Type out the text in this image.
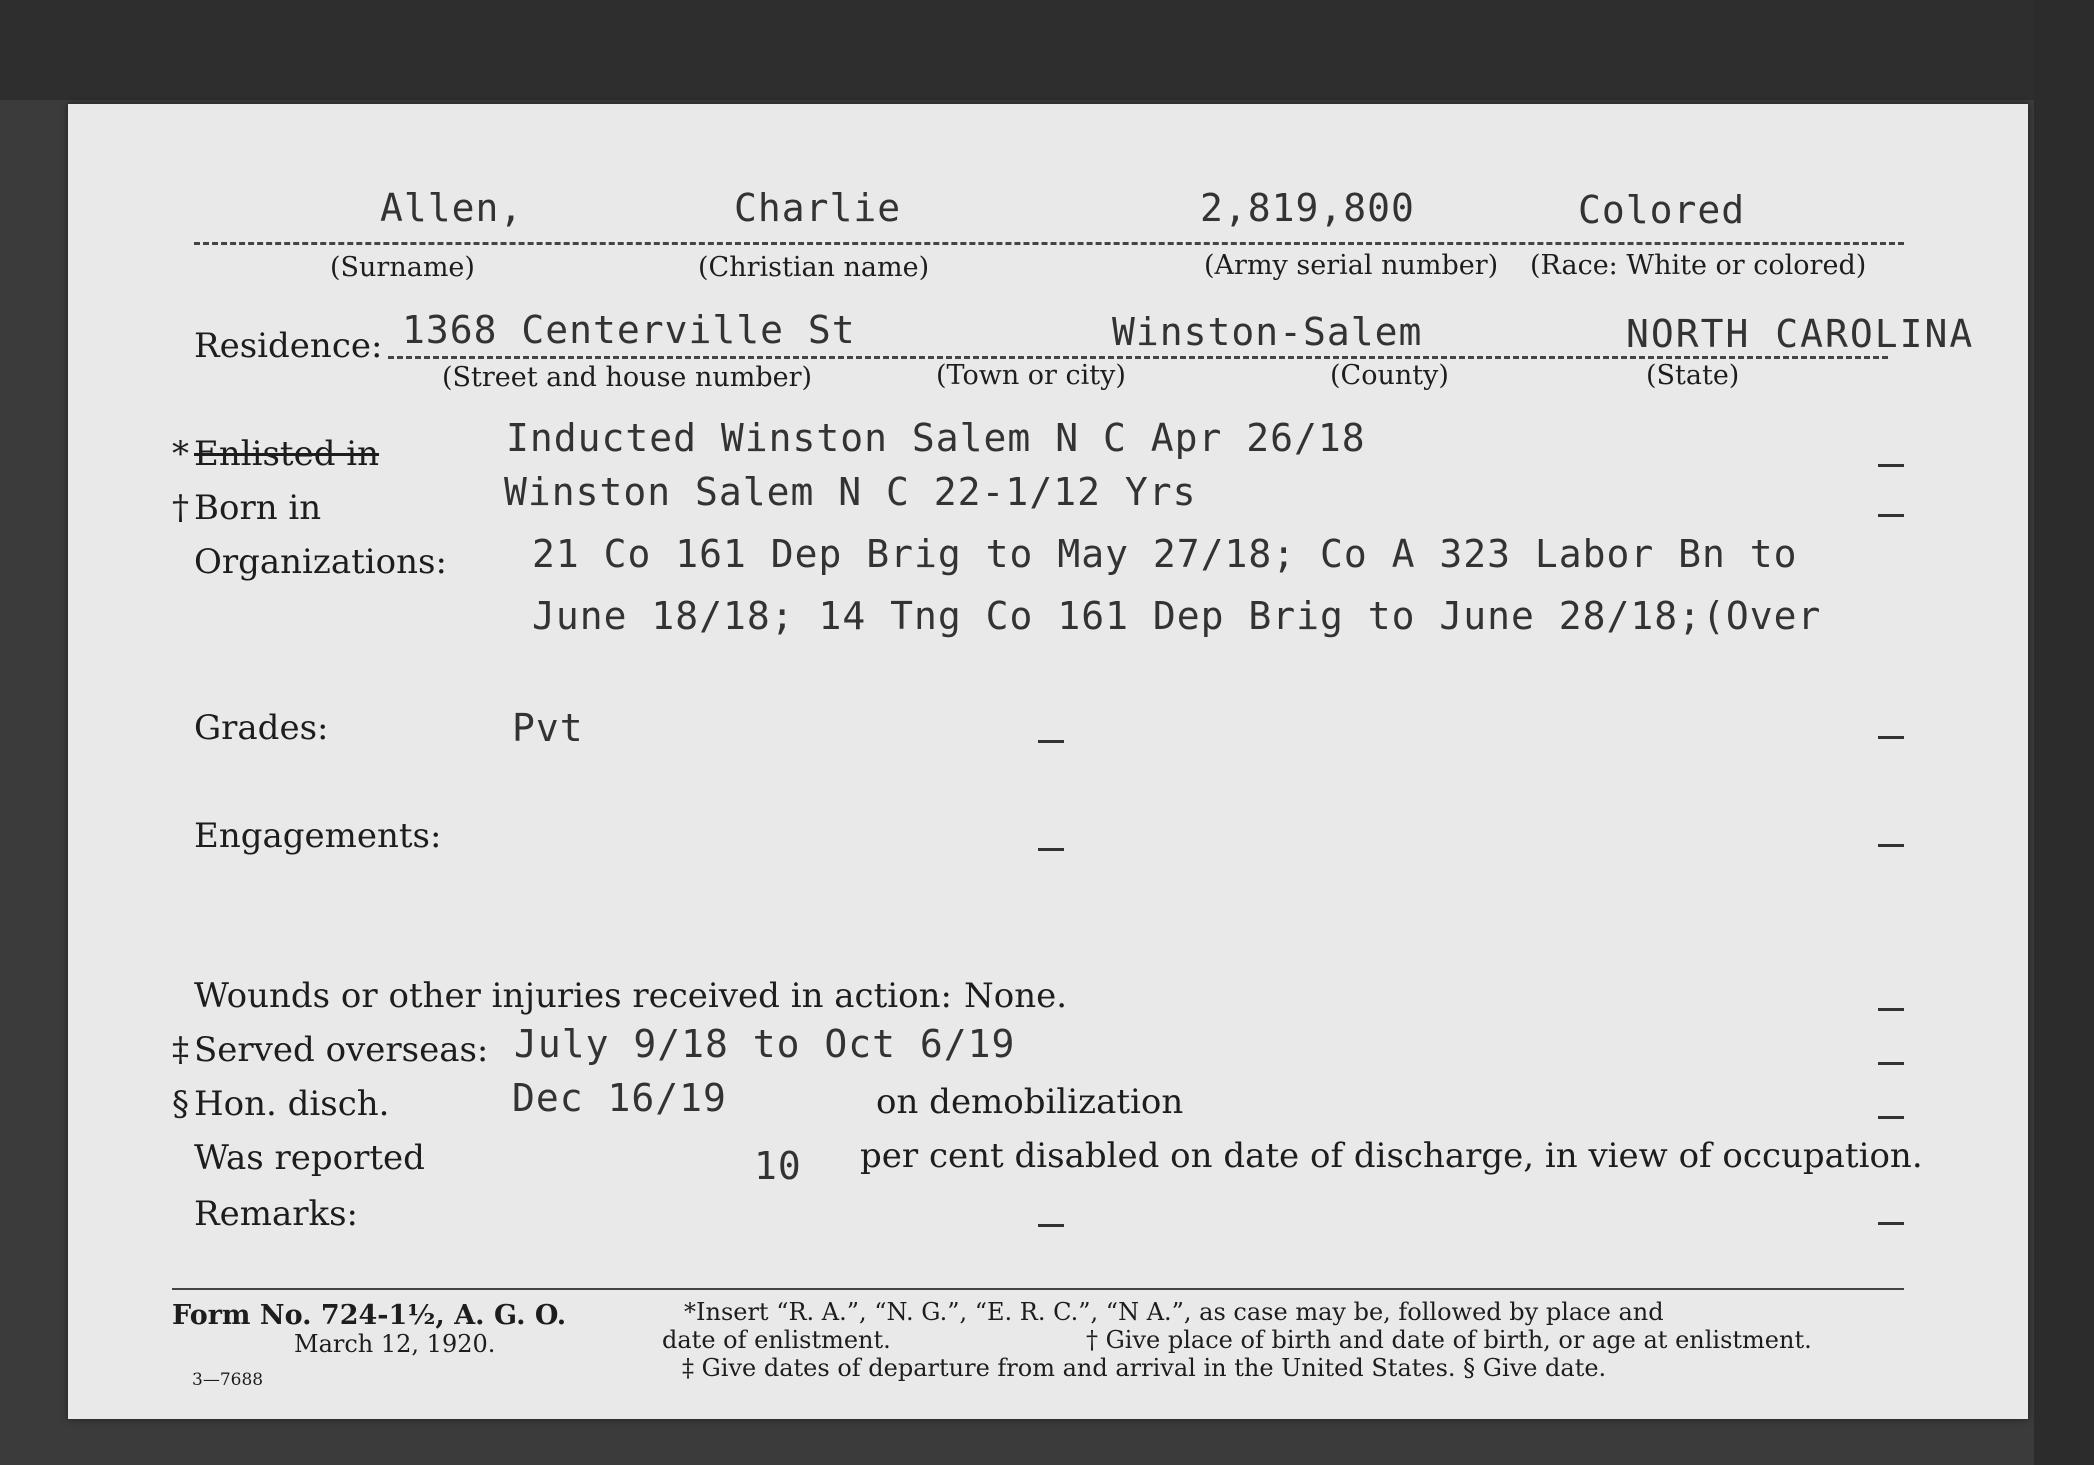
Allen,	Charlie	2,819,800	Colored
(Surname)	(Christian name)	(Army serial number) (Race: White or colored)
Residence: 1368 Centerville St	Winston-Salem	NORTH CAROLINA
(Street and house number)	(Town or city)	(County)	(State)
* Enlisted in	Inducted Winston Salem N C Apr 26/18
† Born in	Winston Salem N C 22-1/12 Yrs
Organizations: 21 Co 161 Dep Brig to May 27/18; Co A 323 Labor Bn to
June 18/18; 14 Tng Co 161 Dep Brig to June 28/18;(Over
Grades:	Pvt
Engagements:
Wounds or other injuries received in action: None.
‡ Served overseas: July 9/18 to Oct 6/19
§ Hon. disch.	Dec 16/19	on demobilization
Was reported	10 per cent disabled on date of discharge, in view of occupation.
Remarks:
Form No. 724-1½, A. G. O.
March 12, 1920.
3—7688
*Insert “R. A.”, “N. G.”, “E. R. C.”, “N A.”, as case may be, followed by place and
date of enlistment.	† Give place of birth and date of birth, or age at enlistment.
‡ Give dates of departure from and arrival in the United States. § Give date.
